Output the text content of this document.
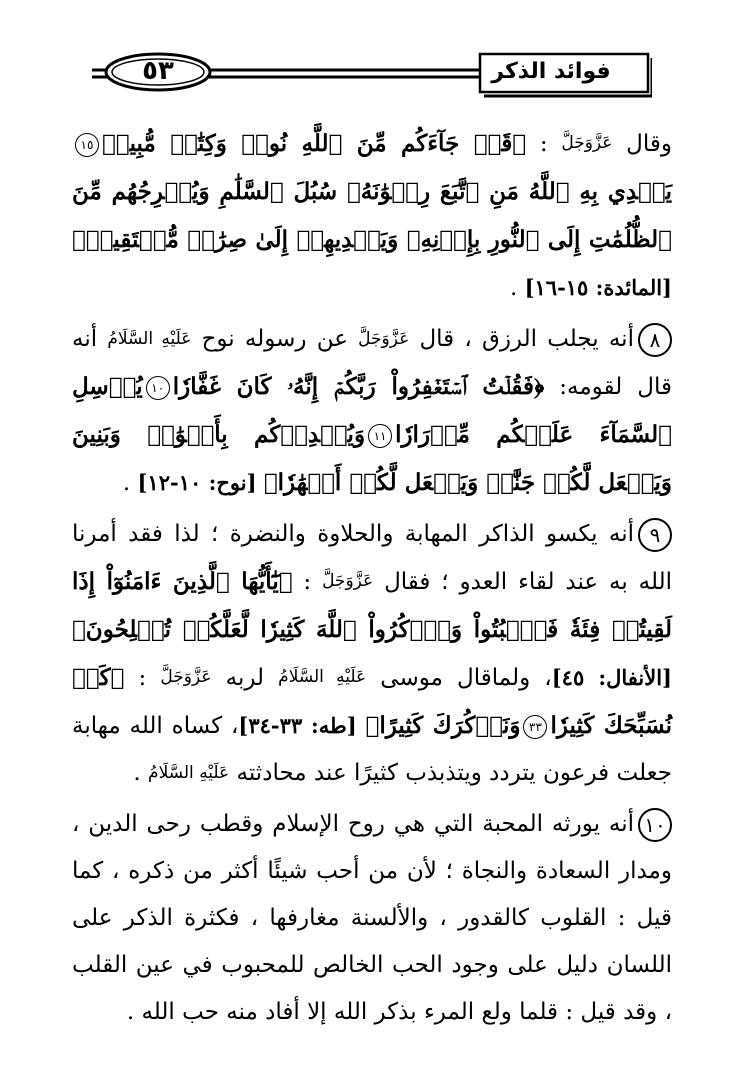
٥٣	فوائد الذكر

وقال $^{عَزَّوَجَلَّ}$ : ﴿قَدۡ جَآءَكُم مِّنَ ٱللَّهِ نُورٞ وَكِتَٰبٞ مُّبِينٞ١٥يَهۡدِي بِهِ ٱللَّهُ مَنِ ٱتَّبَعَ رِضۡوَٰنَهُۥ سُبُلَ ٱلسَّلَٰمِ وَيُخۡرِجُهُم مِّنَ ٱلظُّلُمَٰتِ إِلَى ٱلنُّورِ بِإِذۡنِهِۦ وَيَهۡدِيهِمۡ إِلَىٰ صِرَٰطٖ مُّسۡتَقِيمٖ﴾ [المائدة: ١٥-١٦] .

٨أنه يجلب الرزق ، قال $^{عَزَّوَجَلَّ}$ عن رسوله نوح $^{عَلَيْهِ السَّلَامُ}$ أنه قال لقومه: ﴿فَقُلۡتُ ٱسۡتَغۡفِرُواْ رَبَّكُمۡ إِنَّهُۥ كَانَ غَفَّارٗا١٠يُرۡسِلِ ٱلسَّمَآءَ عَلَيۡكُم مِّدۡرَارٗا١١وَيُمۡدِدۡكُم بِأَمۡوَٰلٖ وَبَنِينَ وَيَجۡعَل لَّكُمۡ جَنَّٰتٖ وَيَجۡعَل لَّكُمۡ أَنۡهَٰرٗا﴾ [نوح: ١٠-١٢] .

٩أنه يكسو الذاكر المهابة والحلاوة والنضرة ؛ لذا فقد أمرنا الله به عند لقاء العدو ؛ فقال $^{عَزَّوَجَلَّ}$ : ﴿يَٰٓأَيُّهَا ٱلَّذِينَ ءَامَنُوٓاْ إِذَا لَقِيتُمۡ فِئَةٗ فَٱثۡبُتُواْ وَٱذۡكُرُواْ ٱللَّهَ كَثِيرٗا لَّعَلَّكُمۡ تُفۡلِحُونَ﴾[الأنفال: ٤٥]، ولماقال موسى $^{عَلَيْهِ السَّلَامُ}$ لربه $^{عَزَّوَجَلَّ}$ : ﴿كَيۡ نُسَبِّحَكَ كَثِيرٗا٣٣وَنَذۡكُرَكَ كَثِيرًا﴾ [طه: ٣٣-٣٤]، كساه الله مهابة جعلت فرعون يتردد ويتذبذب كثيرًا عند محادثته $^{عَلَيْهِ السَّلَامُ}$ .

١٠أنه يورثه المحبة التي هي روح الإسلام وقطب رحى الدين ، ومدار السعادة والنجاة ؛ لأن من أحب شيئًا أكثر من ذكره ، كما قيل : القلوب كالقدور ، والألسنة مغارفها ، فكثرة الذكر على اللسان دليل على وجود الحب الخالص للمحبوب في عين القلب ، وقد قيل : قلما ولع المرء بذكر الله إلا أفاد منه حب الله .
